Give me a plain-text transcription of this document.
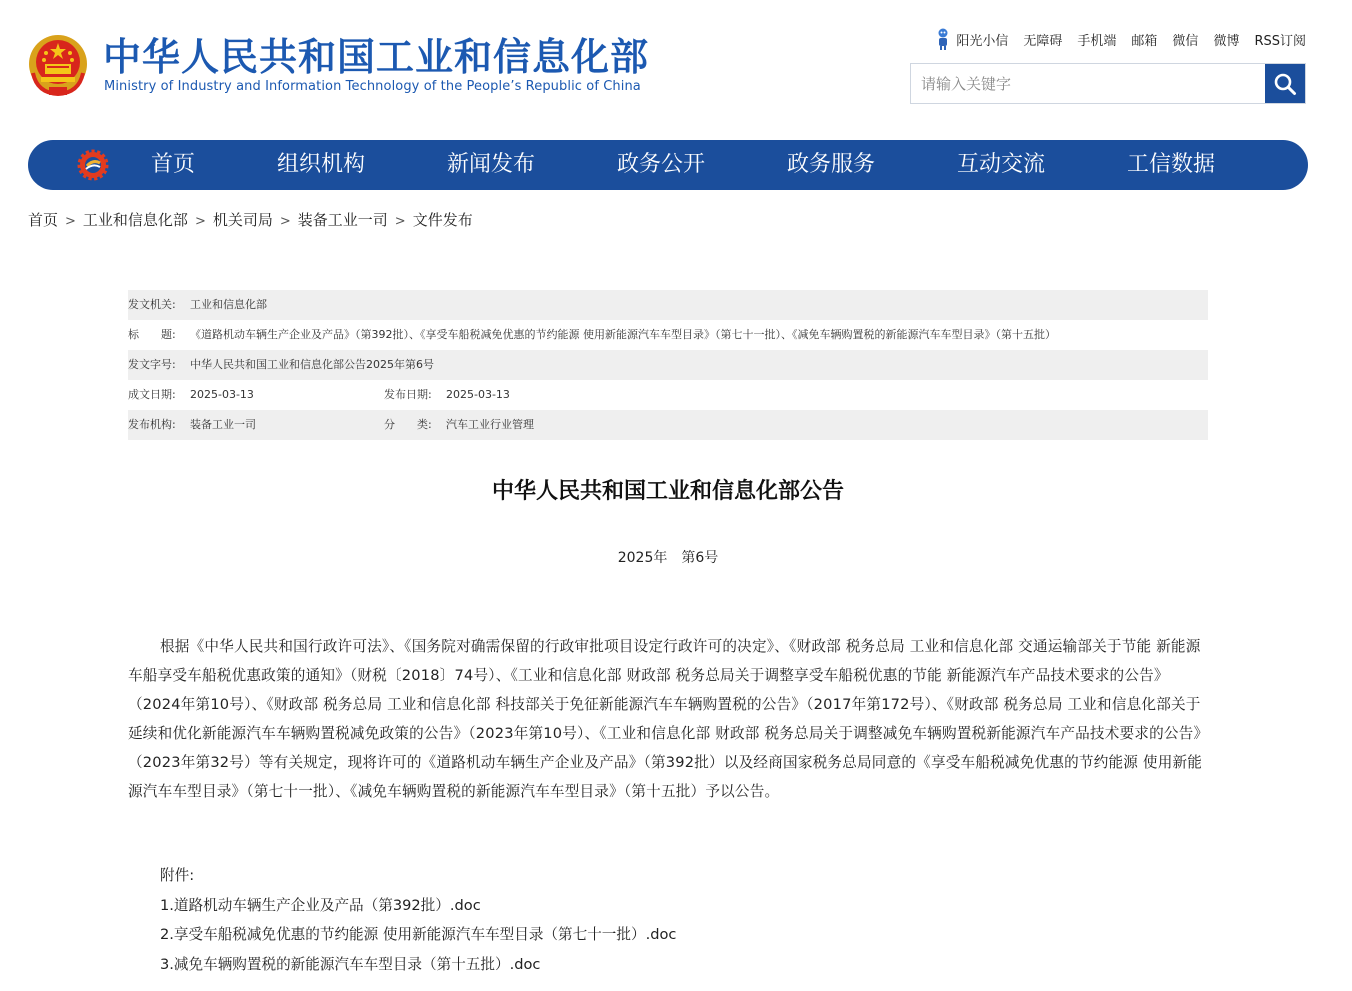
中华人民共和国工业和信息化部
Ministry of Industry and Information Technology of the People’s Republic of China
阳光小信 无障碍 手机端 邮箱 微信 微博 RSS订阅
请输入关键字
首页	组织机构	新闻发布	政务公开	政务服务	互动交流	工信数据
首页 > 工业和信息化部 > 机关司局 > 装备工业一司 > 文件发布
发文机关: 工业和信息化部
标　　题: 《道路机动车辆生产企业及产品》（第392批）、《享受车船税减免优惠的节约能源 使用新能源汽车车型目录》（第七十一批）、《减免车辆购置税的新能源汽车车型目录》（第十五批）
发文字号: 中华人民共和国工业和信息化部公告2025年第6号
成文日期: 2025-03-13	发布日期: 2025-03-13
发布机构: 装备工业一司	分　　类: 汽车工业行业管理
中华人民共和国工业和信息化部公告
2025年　第6号
根据《中华人民共和国行政许可法》、《国务院对确需保留的行政审批项目设定行政许可的决定》、《财政部 税务总局 工业和信息化部 交通运输部关于节能 新能源车船享受车船税优惠政策的通知》（财税〔2018〕74号）、《工业和信息化部 财政部 税务总局关于调整享受车船税优惠的节能 新能源汽车产品技术要求的公告》（2024年第10号）、《财政部 税务总局 工业和信息化部 科技部关于免征新能源汽车车辆购置税的公告》（2017年第172号）、《财政部 税务总局 工业和信息化部关于延续和优化新能源汽车车辆购置税减免政策的公告》（2023年第10号）、《工业和信息化部 财政部 税务总局关于调整减免车辆购置税新能源汽车产品技术要求的公告》（2023年第32号）等有关规定，现将许可的《道路机动车辆生产企业及产品》（第392批）以及经商国家税务总局同意的《享受车船税减免优惠的节约能源 使用新能源汽车车型目录》（第七十一批）、《减免车辆购置税的新能源汽车车型目录》（第十五批）予以公告。
附件:
1.道路机动车辆生产企业及产品（第392批）.doc
2.享受车船税减免优惠的节约能源 使用新能源汽车车型目录（第七十一批）.doc
3.减免车辆购置税的新能源汽车车型目录（第十五批）.doc
